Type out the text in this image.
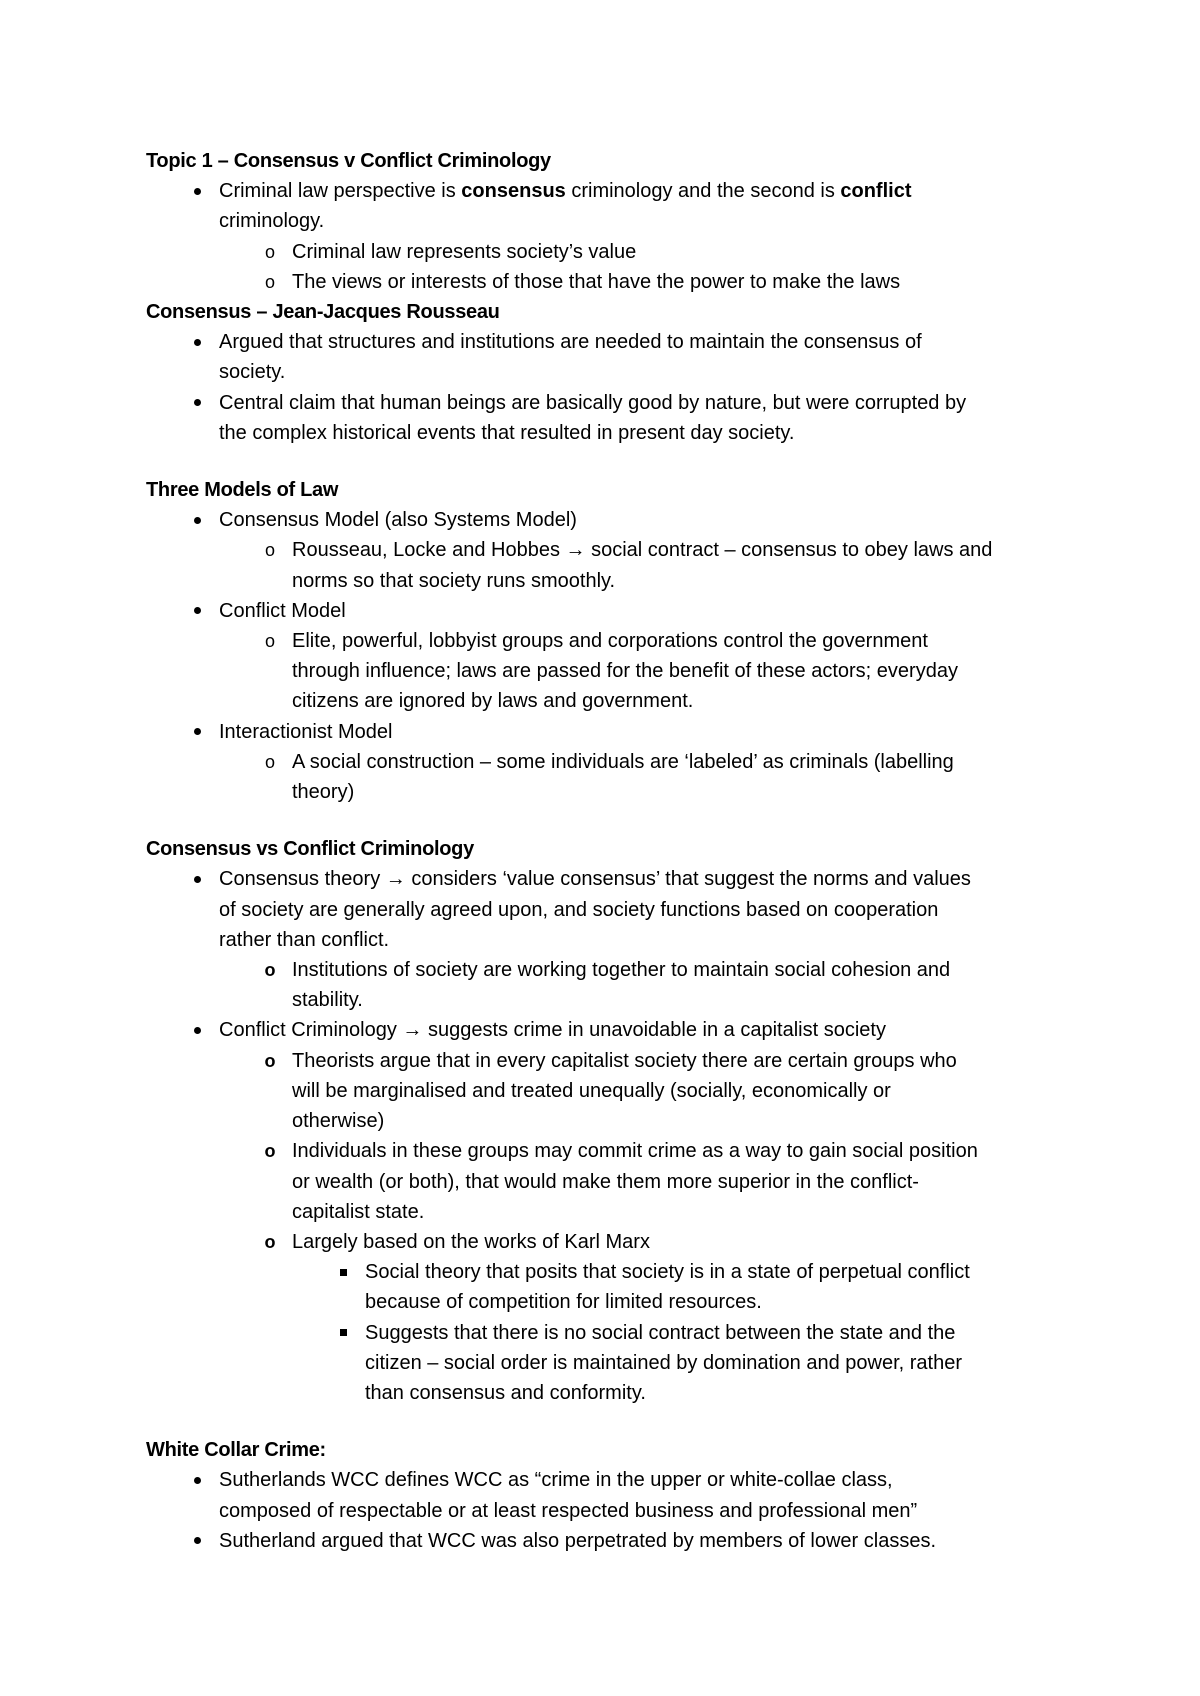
Topic 1 – Consensus v Conflict Criminology
Criminal law perspective is consensus criminology and the second is conflict
criminology.
o Criminal law represents society’s value
o The views or interests of those that have the power to make the laws
Consensus – Jean-Jacques Rousseau
Argued that structures and institutions are needed to maintain the consensus of
society.
Central claim that human beings are basically good by nature, but were corrupted by
the complex historical events that resulted in present day society.
Three Models of Law
Consensus Model (also Systems Model)
o Rousseau, Locke and Hobbes → social contract – consensus to obey laws and
norms so that society runs smoothly.
Conflict Model
o Elite, powerful, lobbyist groups and corporations control the government
through influence; laws are passed for the benefit of these actors; everyday
citizens are ignored by laws and government.
Interactionist Model
o A social construction – some individuals are ‘labeled’ as criminals (labelling
theory)
Consensus vs Conflict Criminology
Consensus theory → considers ‘value consensus’ that suggest the norms and values
of society are generally agreed upon, and society functions based on cooperation
rather than conflict.
o Institutions of society are working together to maintain social cohesion and
stability.
Conflict Criminology → suggests crime in unavoidable in a capitalist society
o Theorists argue that in every capitalist society there are certain groups who
will be marginalised and treated unequally (socially, economically or
otherwise)
o Individuals in these groups may commit crime as a way to gain social position
or wealth (or both), that would make them more superior in the conflict-
capitalist state.
o Largely based on the works of Karl Marx
Social theory that posits that society is in a state of perpetual conflict
because of competition for limited resources.
Suggests that there is no social contract between the state and the
citizen – social order is maintained by domination and power, rather
than consensus and conformity.
White Collar Crime:
Sutherlands WCC defines WCC as “crime in the upper or white-collae class,
composed of respectable or at least respected business and professional men”
Sutherland argued that WCC was also perpetrated by members of lower classes.
